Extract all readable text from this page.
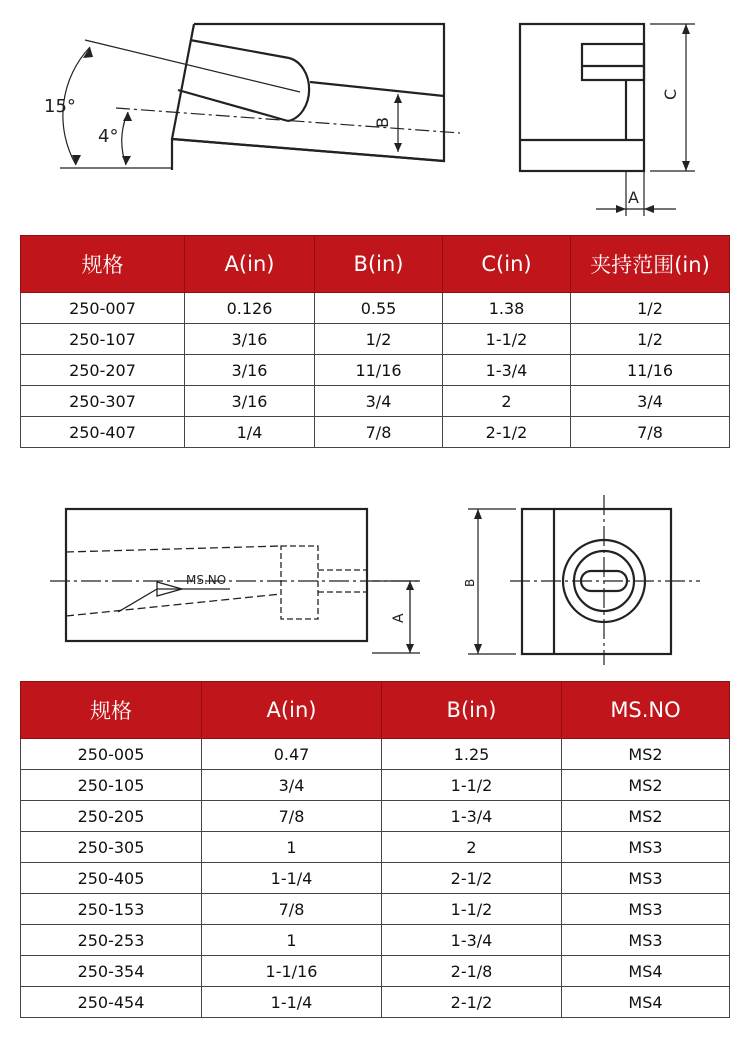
15°
4°
B
C
A
规格	A(in)	B(in)	C(in)	夹持范围(in)
250-007	0.126	0.55	1.38	1/2
250-107	3/16	1/2	1-1/2	1/2
250-207	3/16	11/16	1-3/4	11/16
250-307	3/16	3/4	2	3/4
250-407	1/4	7/8	2-1/2	7/8
MS.NO
A
B
规格	A(in)	B(in)	MS.NO
250-005	0.47	1.25	MS2
250-105	3/4	1-1/2	MS2
250-205	7/8	1-3/4	MS2
250-305	1	2	MS3
250-405	1-1/4	2-1/2	MS3
250-153	7/8	1-1/2	MS3
250-253	1	1-3/4	MS3
250-354	1-1/16	2-1/8	MS4
250-454	1-1/4	2-1/2	MS4
